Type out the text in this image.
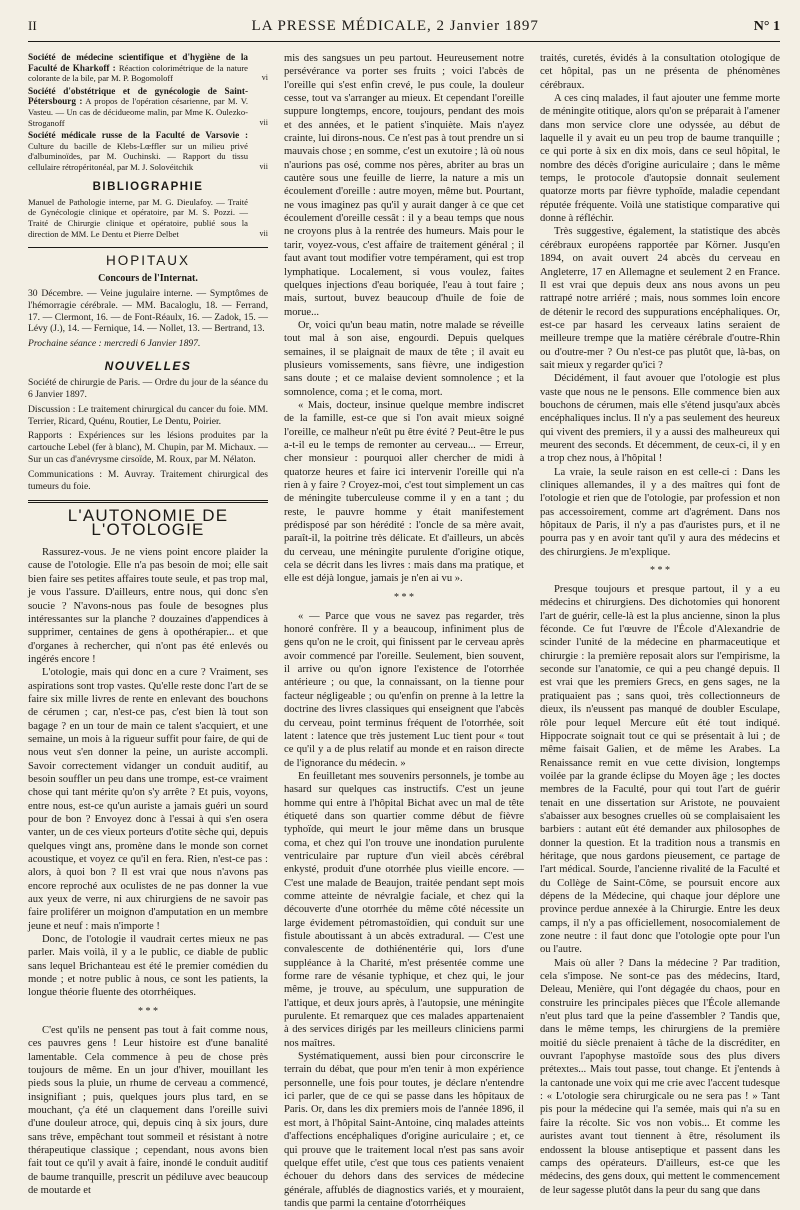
II	LA PRESSE MÉDICALE, 2 Janvier 1897	N° 1
Société de médecine scientifique et d'hygiène de la Faculté de Kharkoff : Réaction colorimétrique de la nature colorante de la bile, par M. P. Bogomoloff	vi
Société d'obstétrique et de gynécologie de Saint-Pétersbourg : A propos de l'opération césarienne, par M. V. Vasteu. — Un cas de décidueome malin, par Mme K. Oulezko-Stroganoff	vii
Société médicale russe de la Faculté de Varsovie : Culture du bacille de Klebs-Lœffler sur un milieu privé d'albuminoïdes, par M. Ouchinski. — Rapport du tissu cellulaire rétropéritonéal, par M. J. Solovéitchik	vii
BIBLIOGRAPHIE
Manuel de Pathologie interne, par M. G. Dieulafoy. — Traité de Gynécologie clinique et opératoire, par M. S. Pozzi. — Traité de Chirurgie clinique et opératoire, publié sous la direction de MM. Le Dentu et Pierre Delbet	vii
HOPITAUX
Concours de l'Internat.

30 Décembre. — Veine jugulaire interne. — Symptômes de l'hémorragie cérébrale. — MM. Bacaloglu, 18. — Ferrand, 17. — Clermont, 16. — de Font-Réaulx, 16. — Zadok, 15. — Lévy (J.), 14. — Fernique, 14. — Nollet, 13. — Bertrand, 13.

Prochaine séance : mercredi 6 Janvier 1897.

NOUVELLES

Société de chirurgie de Paris. — Ordre du jour de la séance du 6 Janvier 1897.

Discussion : Le traitement chirurgical du cancer du foie. MM. Terrier, Ricard, Quénu, Routier, Le Dentu, Poirier.

Rapports : Expériences sur les lésions produites par la cartouche Lebel (fer à blanc), M. Chupin, par M. Michaux. — Sur un cas d'anévrysme cirsoïde, M. Roux, par M. Nélaton.

Communications : M. Auvray. Traitement chirurgical des tumeurs du foie.

L'AUTONOMIE DE L'OTOLOGIE

Rassurez-vous. Je ne viens point encore plaider la cause de l'otologie. Elle n'a pas besoin de moi; elle sait bien faire ses petites affaires toute seule, et pas trop mal, je vous l'assure. D'ailleurs, entre nous, qui donc s'en soucie ? N'avons-nous pas foule de besognes plus intéressantes sur la planche ? douzaines d'appendices à supprimer, centaines de gens à opothérapier... et que d'organes à rechercher, qui n'ont pas été enlevés ou ingérés encore !

L'otologie, mais qui donc en a cure ? Vraiment, ses aspirations sont trop vastes. Qu'elle reste donc l'art de se faire six mille livres de rente en enlevant des bouchons de cérumen ; car, n'est-ce pas, c'est bien là tout son bagage ? en un tour de main ce talent s'acquiert, et une semaine, un mois à la rigueur suffit pour faire, de qui de nous veut s'en donner la peine, un auriste accompli. Savoir correctement vidanger un conduit auditif, au besoin souffler un peu dans une trompe, est-ce vraiment chose qui tant mérite qu'on s'y arrête ? Et puis, voyons, entre nous, est-ce qu'un auriste a jamais guéri un sourd pour de bon ? Envoyez donc à l'essai à qui s'en osera vanter, un de ces vieux porteurs d'otite sèche qui, depuis quelques vingt ans, promène dans le monde son cornet acoustique, et voyez ce qu'il en fera. Rien, n'est-ce pas : alors, à quoi bon ? Il est vrai que nous n'avons pas encore reproché aux oculistes de ne pas donner la vue aux yeux de verre, ni aux chirurgiens de ne savoir pas faire proliférer un moignon d'amputation en un membre jeune et neuf : mais n'importe !

Donc, de l'otologie il vaudrait certes mieux ne pas parler. Mais voilà, il y a le public, ce diable de public sans lequel Brichanteau est été le premier comédien du monde ; et notre public à nous, ce sont les patients, la longue théorie fluente des otorrhéiques.

* * *

C'est qu'ils ne pensent pas tout à fait comme nous, ces pauvres gens ! Leur histoire est d'une banalité lamentable. Cela commence à peu de chose près toujours de même. En un jour d'hiver, mouillant les pieds sous la pluie, un rhume de cerveau a commencé, insignifiant ; puis, quelques jours plus tard, en se mouchant, ç'a été un claquement dans l'oreille suivi d'une douleur atroce, qui, depuis cinq à six jours, dure sans trêve, empêchant tout sommeil et résistant à notre thérapeutique classique ; cependant, nous avons bien fait tout ce qu'il y avait à faire, inondé le conduit auditif de baume tranquille, prescrit un pédiluve avec beaucoup de moutarde et

mis des sangsues un peu partout. Heureusement notre persévérance va porter ses fruits ; voici l'abcès de l'oreille qui s'est enfin crevé, le pus coule, la douleur cesse, tout va s'arranger au mieux. Et cependant l'oreille suppure longtemps, encore, toujours, pendant des mois et des années, et le patient s'inquiète. Mais n'ayez crainte, lui dirons-nous. Ce n'est pas à tout prendre un si mauvais chose ; en somme, c'est un exutoire ; là où nous n'aurions pas osé, comme nos pères, abriter au bras un cautère sous une feuille de lierre, la nature a mis un écoulement d'oreille : autre moyen, même but. Pourtant, ne vous imaginez pas qu'il y aurait danger à ce que cet écoulement d'oreille cessât : il y a beau temps que nous ne croyons plus à la rentrée des humeurs. Mais pour le tarir, voyez-vous, c'est affaire de traitement général ; il faut avant tout modifier votre tempérament, qui est trop lymphatique. Localement, si vous voulez, faites quelques injections d'eau boriquée, l'eau à tout faire ; mais, surtout, buvez beaucoup d'huile de foie de morue...

Or, voici qu'un beau matin, notre malade se réveille tout mal à son aise, engourdi. Depuis quelques semaines, il se plaignait de maux de tête ; il avait eu plusieurs vomissements, sans fièvre, une indigestion sans doute ; et ce malaise devient somnolence ; et la somnolence, coma ; et le coma, mort.

« Mais, docteur, insinue quelque membre indiscret de la famille, est-ce que si l'on avait mieux soigné l'oreille, ce malheur n'eût pu être évité ? Peut-être le pus a-t-il eu le temps de remonter au cerveau... — Erreur, cher monsieur : pourquoi aller chercher de midi à quatorze heures et faire ici intervenir l'oreille qui n'a rien à y faire ? Croyez-moi, c'est tout simplement un cas de méningite tuberculeuse comme il y en a tant ; du reste, le pauvre homme y était manifestement prédisposé par son hérédité : l'oncle de sa mère avait, paraît-il, la poitrine très délicate. Et d'ailleurs, un abcès du cerveau, une méningite purulente d'origine otique, cela se décrit dans les livres : mais dans ma pratique, et elle est déjà longue, jamais je n'en ai vu ».

* * *

« — Parce que vous ne savez pas regarder, très honoré confrère. Il y a beaucoup, infiniment plus de gens qu'on ne le croit, qui finissent par le cerveau après avoir commencé par l'oreille. Seulement, bien souvent, il arrive ou qu'on ignore l'existence de l'otorrhée antérieure ; ou que, la connaissant, on la tienne pour facteur négligeable ; ou qu'enfin on prenne à la lettre la doctrine des livres classiques qui enseignent que l'abcès du cerveau, point terminus fréquent de l'otorrhée, soit latent : latence que très justement Luc tient pour « tout ce qu'il y a de plus relatif au monde et en raison directe de l'ignorance du médecin. »

En feuilletant mes souvenirs personnels, je tombe au hasard sur quelques cas instructifs. C'est un jeune homme qui entre à l'hôpital Bichat avec un mal de tête étiqueté dans son quartier comme début de fièvre typhoïde, qui meurt le jour même dans un brusque coma, et chez qui l'on trouve une inondation purulente ventriculaire par rupture d'un vieil abcès cérébral enkysté, produit d'une otorrhée plus vieille encore. — C'est une malade de Beaujon, traitée pendant sept mois comme atteinte de névralgie faciale, et chez qui la découverte d'une otorrhée du même côté nécessite un large évidement pétromastoïdien, qui conduit sur une fistule aboutissant à un abcès extradural. — C'est une convalescente de dothiénentérie qui, lors d'une suppléance à la Charité, m'est présentée comme une forme rare de vésanie typhique, et chez qui, le jour même, je trouve, au spéculum, une suppuration de l'attique, et deux jours après, à l'autopsie, une méningite purulente. Et remarquez que ces malades appartenaient à des services dirigés par les meilleurs cliniciens parmi nos maîtres.

Systématiquement, aussi bien pour circonscrire le terrain du débat, que pour m'en tenir à mon expérience personnelle, une fois pour toutes, je déclare n'entendre ici parler, que de ce qui se passe dans les hôpitaux de Paris. Or, dans les dix premiers mois de l'année 1896, il est mort, à l'hôpital Saint-Antoine, cinq malades atteints d'affections encéphaliques d'origine auriculaire ; et, ce qui prouve que le traitement local n'est pas sans avoir quelque effet utile, c'est que tous ces patients venaient échouer du dehors dans des services de médecine générale, affublés de diagnostics variés, et y mouraient, tandis que parmi la centaine d'otorrhéiques

traités, curetés, évidés à la consultation otologique de cet hôpital, pas un ne présenta de phénomènes cérébraux.

A ces cinq malades, il faut ajouter une femme morte de méningite otitique, alors qu'on se préparait à l'amener dans mon service clore une odyssée, au début de laquelle il y avait eu un peu trop de baume tranquille ; ce qui porte à six en dix mois, dans ce seul hôpital, le nombre des décès d'origine auriculaire ; dans le même temps, le protocole d'autopsie donnait seulement quatorze morts par fièvre typhoïde, maladie cependant réputée fréquente. Voilà une statistique comparative qui donne à réfléchir.

Très suggestive, également, la statistique des abcès cérébraux européens rapportée par Körner. Jusqu'en 1894, on avait ouvert 24 abcès du cerveau en Angleterre, 17 en Allemagne et seulement 2 en France. Il est vrai que depuis deux ans nous avons un peu rattrapé notre arriéré ; mais, nous sommes loin encore de détenir le record des suppurations encéphaliques. Or, est-ce par hasard les cerveaux latins seraient de meilleure trempe que la matière cérébrale d'outre-Rhin ou d'outre-mer ? Ou n'est-ce pas plutôt que, là-bas, on sait mieux y regarder qu'ici ?

Décidément, il faut avouer que l'otologie est plus vaste que nous ne le pensons. Elle commence bien aux bouchons de cérumen, mais elle s'étend jusqu'aux abcès encéphaliques inclus. Il n'y a pas seulement des heureux qui vivent des premiers, il y a aussi des malheureux qui meurent des seconds. Et décemment, de ceux-ci, il y en a trop chez nous, à l'hôpital !

La vraie, la seule raison en est celle-ci : Dans les cliniques allemandes, il y a des maîtres qui font de l'otologie et rien que de l'otologie, par profession et non pas accessoirement, comme art d'agrément. Dans nos hôpitaux de Paris, il n'y a pas d'auristes purs, et il ne pourra pas y en avoir tant qu'il y aura des médecins et des chirurgiens. Je m'explique.

* * *

Presque toujours et presque partout, il y a eu médecins et chirurgiens. Des dichotomies qui honorent l'art de guérir, celle-là est la plus ancienne, sinon la plus féconde. Ce fut l'œuvre de l'École d'Alexandrie de scinder l'unité de la médecine en pharmaceutique et chirurgie : la première reposait alors sur l'empirisme, la seconde sur l'anatomie, ce qui a peu changé depuis. Il est vrai que les premiers Grecs, en gens sages, ne la pratiquaient pas ; sans quoi, très collectionneurs de dieux, ils n'eussent pas manqué de doubler Esculape, rôle pour lequel Mercure eût été tout indiqué. Hippocrate soignait tout ce qui se présentait à lui ; de même faisait Galien, et de même les Arabes. La Renaissance remit en vue cette division, longtemps voilée par la grande éclipse du Moyen âge ; les doctes membres de la Faculté, pour qui tout l'art de guérir tenait en une dissertation sur Aristote, ne pouvaient s'abaisser aux besognes cruelles où se complaisaient les barbiers : autant eût été demander aux philosophes de donner la question. Et la tradition nous a transmis en héritage, que nous gardons pieusement, ce partage de l'art médical. Sourde, l'ancienne rivalité de la Faculté et du Collège de Saint-Côme, se poursuit encore aux dépens de la Médecine, qui chaque jour déplore une province perdue annexée à la Chirurgie. Entre les deux camps, il n'y a pas officiellement, nosocomialement de zone neutre : il faut donc que l'otologie opte pour l'un ou l'autre.

Mais où aller ? Dans la médecine ? Par tradition, cela s'impose. Ne sont-ce pas des médecins, Itard, Deleau, Menière, qui l'ont dégagée du chaos, pour en construire les principales pièces que l'École allemande n'eut plus tard que la peine d'assembler ? Tandis que, dans le même temps, les chirurgiens de la première moitié du siècle prenaient à tâche de la discréditer, en ouvrant l'apophyse mastoïde sous des plus divers prétextes... Mais tout passe, tout change. Et j'entends à la cantonade une voix qui me crie avec l'accent tudesque : « L'otologie sera chirurgicale ou ne sera pas ! » Tant pis pour la médecine qui l'a semée, mais qui n'a su en faire la récolte. Sic vos non vobis... Et comme les auristes avant tout tiennent à être, résolument ils endossent la blouse antiseptique et passent dans les camps des opérateurs. D'ailleurs, est-ce que les médecins, des gens doux, qui mettent le commencement de leur sagesse plutôt dans la peur du sang que dans
